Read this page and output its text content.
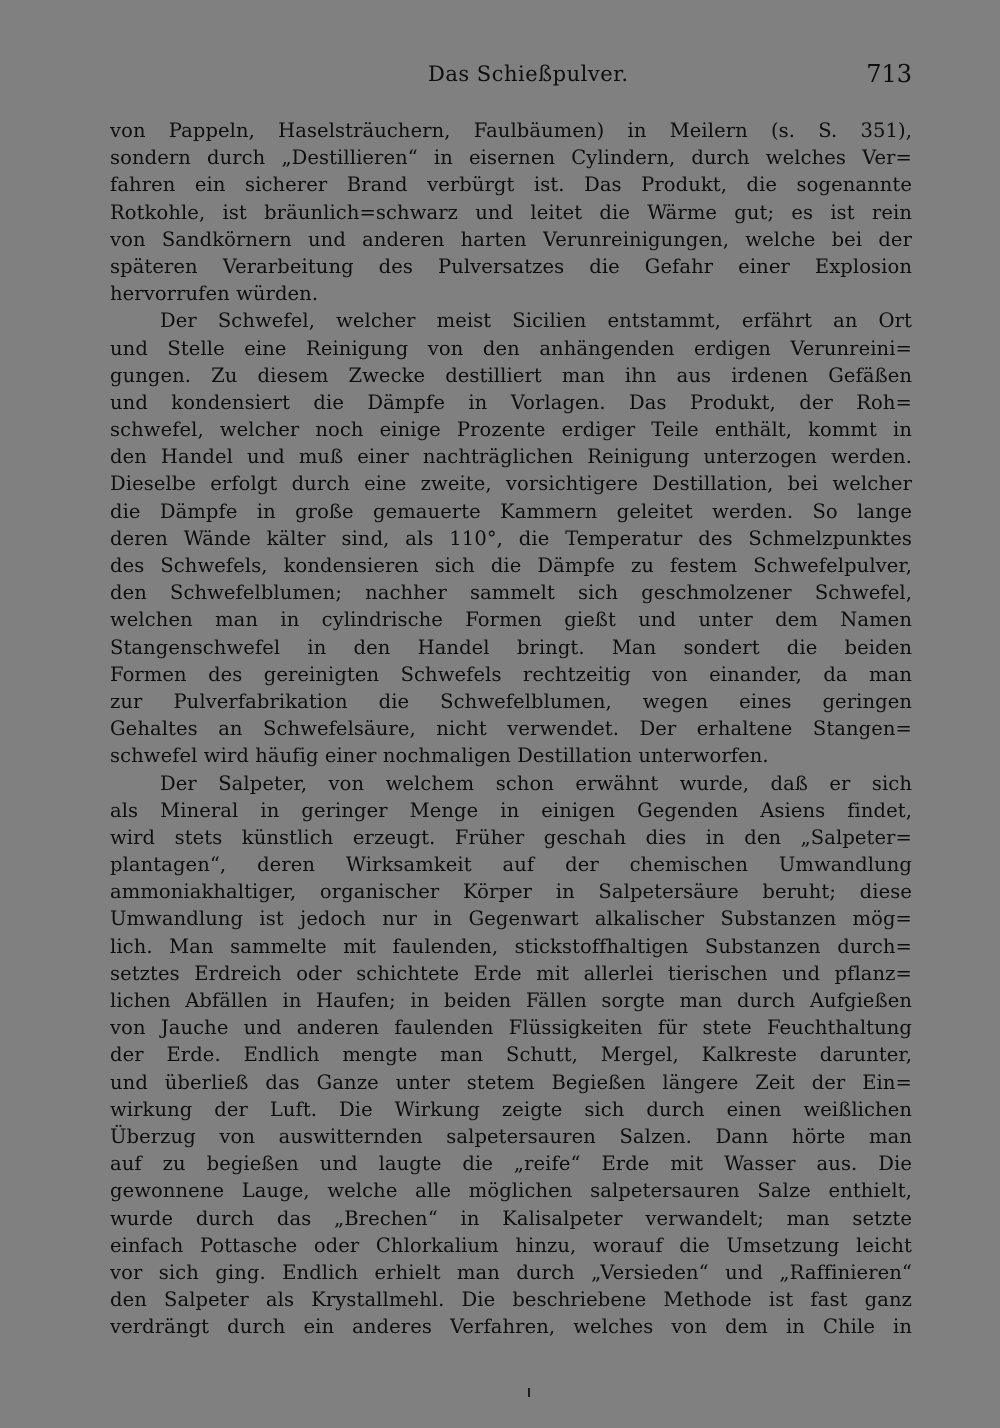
Das Schießpulver.	713
von Pappeln, Haselsträuchern, Faulbäumen) in Meilern (s. S. 351),
sondern durch „Destillieren“ in eisernen Cylindern, durch welches Ver=
fahren ein sicherer Brand verbürgt ist. Das Produkt, die sogenannte
Rotkohle, ist bräunlich=schwarz und leitet die Wärme gut; es ist rein
von Sandkörnern und anderen harten Verunreinigungen, welche bei der
späteren Verarbeitung des Pulversatzes die Gefahr einer Explosion
hervorrufen würden.
Der Schwefel, welcher meist Sicilien entstammt, erfährt an Ort
und Stelle eine Reinigung von den anhängenden erdigen Verunreini=
gungen. Zu diesem Zwecke destilliert man ihn aus irdenen Gefäßen
und kondensiert die Dämpfe in Vorlagen. Das Produkt, der Roh=
schwefel, welcher noch einige Prozente erdiger Teile enthält, kommt in
den Handel und muß einer nachträglichen Reinigung unterzogen werden.
Dieselbe erfolgt durch eine zweite, vorsichtigere Destillation, bei welcher
die Dämpfe in große gemauerte Kammern geleitet werden. So lange
deren Wände kälter sind, als 110°, die Temperatur des Schmelzpunktes
des Schwefels, kondensieren sich die Dämpfe zu festem Schwefelpulver,
den Schwefelblumen; nachher sammelt sich geschmolzener Schwefel,
welchen man in cylindrische Formen gießt und unter dem Namen
Stangenschwefel in den Handel bringt. Man sondert die beiden
Formen des gereinigten Schwefels rechtzeitig von einander, da man
zur Pulverfabrikation die Schwefelblumen, wegen eines geringen
Gehaltes an Schwefelsäure, nicht verwendet. Der erhaltene Stangen=
schwefel wird häufig einer nochmaligen Destillation unterworfen.
Der Salpeter, von welchem schon erwähnt wurde, daß er sich
als Mineral in geringer Menge in einigen Gegenden Asiens findet,
wird stets künstlich erzeugt. Früher geschah dies in den „Salpeter=
plantagen“, deren Wirksamkeit auf der chemischen Umwandlung
ammoniakhaltiger, organischer Körper in Salpetersäure beruht; diese
Umwandlung ist jedoch nur in Gegenwart alkalischer Substanzen mög=
lich. Man sammelte mit faulenden, stickstoffhaltigen Substanzen durch=
setztes Erdreich oder schichtete Erde mit allerlei tierischen und pflanz=
lichen Abfällen in Haufen; in beiden Fällen sorgte man durch Aufgießen
von Jauche und anderen faulenden Flüssigkeiten für stete Feuchthaltung
der Erde. Endlich mengte man Schutt, Mergel, Kalkreste darunter,
und überließ das Ganze unter stetem Begießen längere Zeit der Ein=
wirkung der Luft. Die Wirkung zeigte sich durch einen weißlichen
Überzug von auswitternden salpetersauren Salzen. Dann hörte man
auf zu begießen und laugte die „reife“ Erde mit Wasser aus. Die
gewonnene Lauge, welche alle möglichen salpetersauren Salze enthielt,
wurde durch das „Brechen“ in Kalisalpeter verwandelt; man setzte
einfach Pottasche oder Chlorkalium hinzu, worauf die Umsetzung leicht
vor sich ging. Endlich erhielt man durch „Versieden“ und „Raffinieren“
den Salpeter als Krystallmehl. Die beschriebene Methode ist fast ganz
verdrängt durch ein anderes Verfahren, welches von dem in Chile in
